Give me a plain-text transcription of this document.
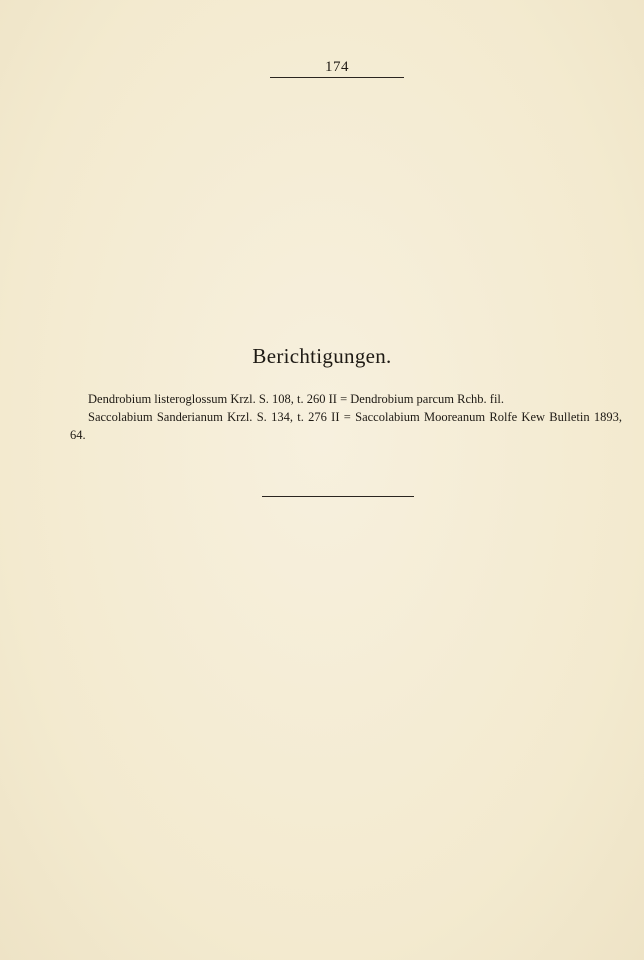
174
Berichtigungen.

Dendrobium listeroglossum Krzl. S. 108, t. 260 II = Dendrobium parcum Rchb. fil.

Saccolabium Sanderianum Krzl. S. 134, t. 276 II = Saccolabium Mooreanum Rolfe Kew Bulletin 1893, 64.
